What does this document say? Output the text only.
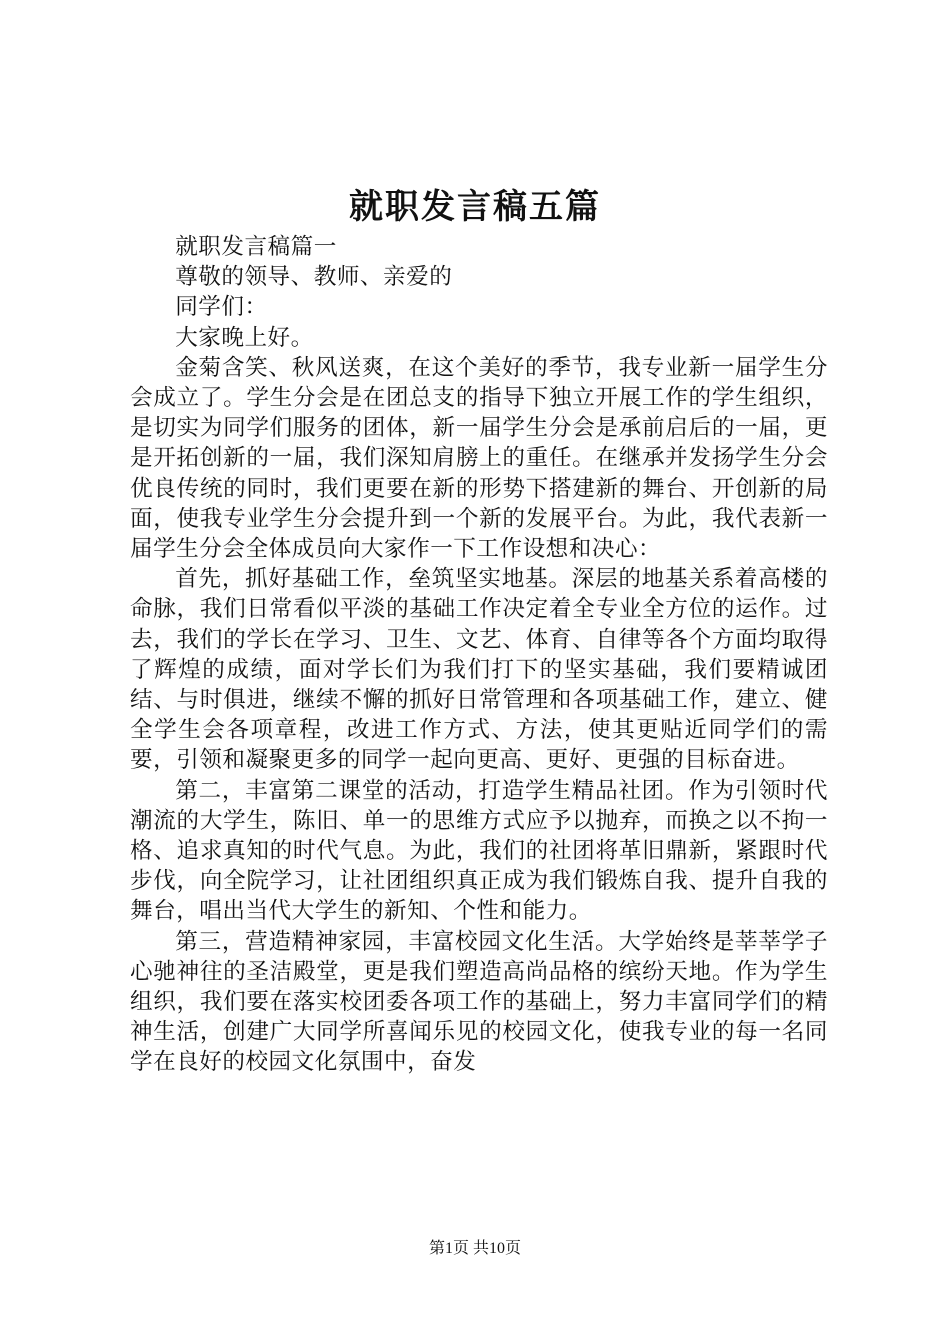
就职发言稿五篇

就职发言稿篇一

尊敬的领导、教师、亲爱的

同学们：

大家晚上好。

金菊含笑、秋风送爽，在这个美好的季节，我专业新一届学生分会成立了。学生分会是在团总支的指导下独立开展工作的学生组织，是切实为同学们服务的团体，新一届学生分会是承前启后的一届，更是开拓创新的一届，我们深知肩膀上的重任。在继承并发扬学生分会优良传统的同时，我们更要在新的形势下搭建新的舞台、开创新的局面，使我专业学生分会提升到一个新的发展平台。为此，我代表新一届学生分会全体成员向大家作一下工作设想和决心：

首先，抓好基础工作，垒筑坚实地基。深层的地基关系着高楼的命脉，我们日常看似平淡的基础工作决定着全专业全方位的运作。过去，我们的学长在学习、卫生、文艺、体育、自律等各个方面均取得了辉煌的成绩，面对学长们为我们打下的坚实基础，我们要精诚团结、与时俱进，继续不懈的抓好日常管理和各项基础工作，建立、健全学生会各项章程，改进工作方式、方法，使其更贴近同学们的需要，引领和凝聚更多的同学一起向更高、更好、更强的目标奋进。

第二，丰富第二课堂的活动，打造学生精品社团。作为引领时代潮流的大学生，陈旧、单一的思维方式应予以抛弃，而换之以不拘一格、追求真知的时代气息。为此，我们的社团将革旧鼎新，紧跟时代步伐，向全院学习，让社团组织真正成为我们锻炼自我、提升自我的舞台，唱出当代大学生的新知、个性和能力。

第三，营造精神家园，丰富校园文化生活。大学始终是莘莘学子心驰神往的圣洁殿堂，更是我们塑造高尚品格的缤纷天地。作为学生组织，我们要在落实校团委各项工作的基础上，努力丰富同学们的精神生活，创建广大同学所喜闻乐见的校园文化，使我专业的每一名同学在良好的校园文化氛围中，奋发

第1页 共10页
